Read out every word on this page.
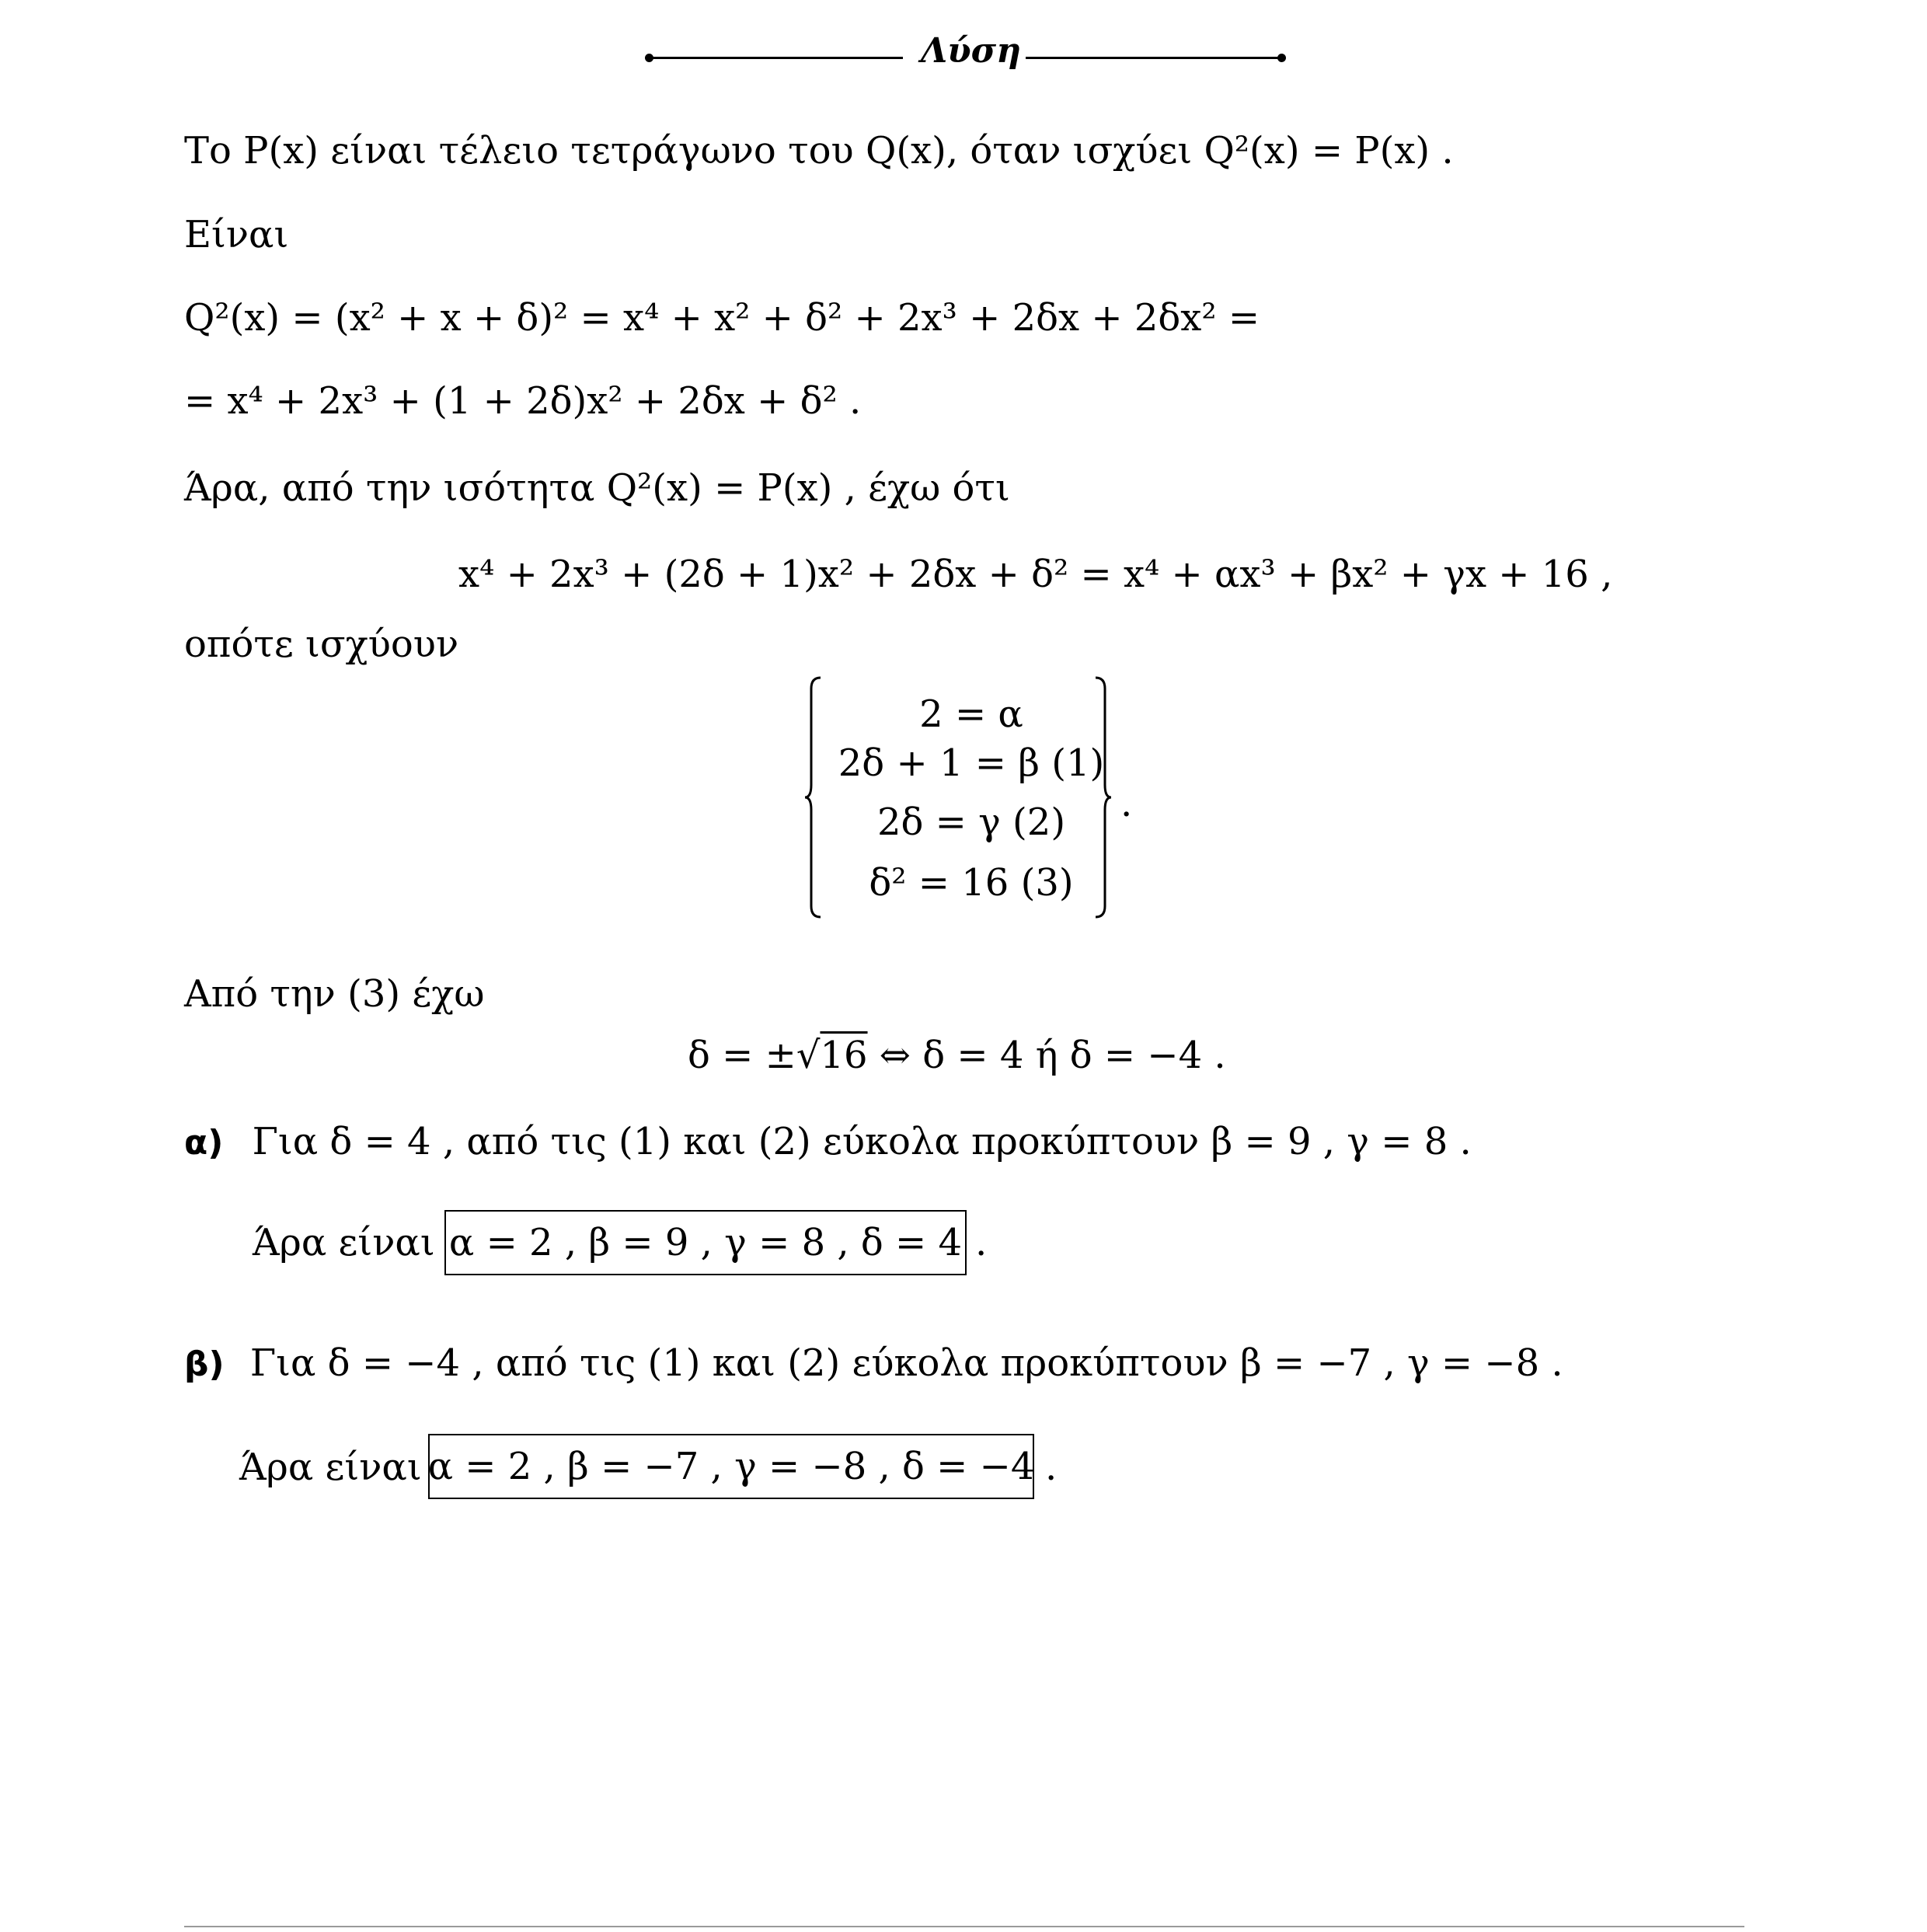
Λύση
Το P(x) είναι τέλειο τετράγωνο του Q(x), όταν ισχύει Q²(x) = P(x) .
Είναι
Q²(x) = (x² + x + δ)² = x⁴ + x² + δ² + 2x³ + 2δx + 2δx² =
= x⁴ + 2x³ + (1 + 2δ)x² + 2δx + δ² .
Άρα, από την ισότητα Q²(x) = P(x) , έχω ότι
x⁴ + 2x³ + (2δ + 1)x² + 2δx + δ² = x⁴ + αx³ + βx² + γx + 16 ,
οπότε ισχύουν
2 = α
2δ + 1 = β (1)
2δ = γ (2)
δ² = 16 (3)
.
Από την (3) έχω
δ = ±√16 ⇔ δ = 4 ή δ = −4 .
α) Για δ = 4 , από τις (1) και (2) εύκολα προκύπτουν β = 9 , γ = 8 .
Άρα είναι α = 2 , β = 9 , γ = 8 , δ = 4 .
β) Για δ = −4 , από τις (1) και (2) εύκολα προκύπτουν β = −7 , γ = −8 .
Άρα είναι α = 2 , β = −7 , γ = −8 , δ = −4 .
